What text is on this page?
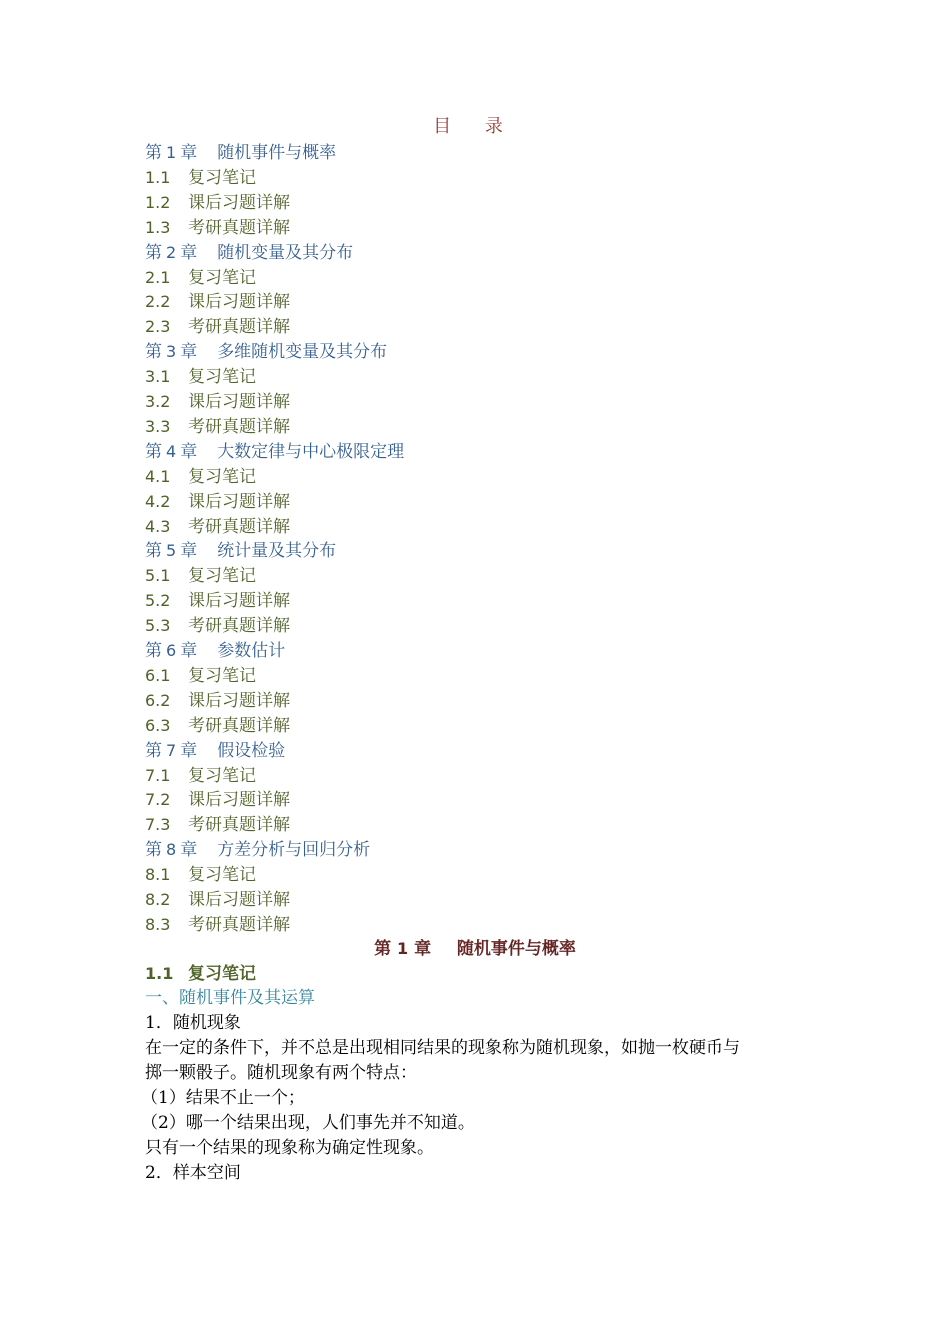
目 录
第 1 章 随机事件与概率
1.1 复习笔记
1.2 课后习题详解
1.3 考研真题详解
第 2 章 随机变量及其分布
2.1 复习笔记
2.2 课后习题详解
2.3 考研真题详解
第 3 章 多维随机变量及其分布
3.1 复习笔记
3.2 课后习题详解
3.3 考研真题详解
第 4 章 大数定律与中心极限定理
4.1 复习笔记
4.2 课后习题详解
4.3 考研真题详解
第 5 章 统计量及其分布
5.1 复习笔记
5.2 课后习题详解
5.3 考研真题详解
第 6 章 参数估计
6.1 复习笔记
6.2 课后习题详解
6.3 考研真题详解
第 7 章 假设检验
7.1 复习笔记
7.2 课后习题详解
7.3 考研真题详解
第 8 章 方差分析与回归分析
8.1 复习笔记
8.2 课后习题详解
8.3 考研真题详解
第 1 章 随机事件与概率
1.1 复习笔记
一、随机事件及其运算
1．随机现象
在一定的条件下，并不总是出现相同结果的现象称为随机现象，如抛一枚硬币与
掷一颗骰子。随机现象有两个特点：
（1）结果不止一个；
（2）哪一个结果出现，人们事先并不知道。
只有一个结果的现象称为确定性现象。
2．样本空间
